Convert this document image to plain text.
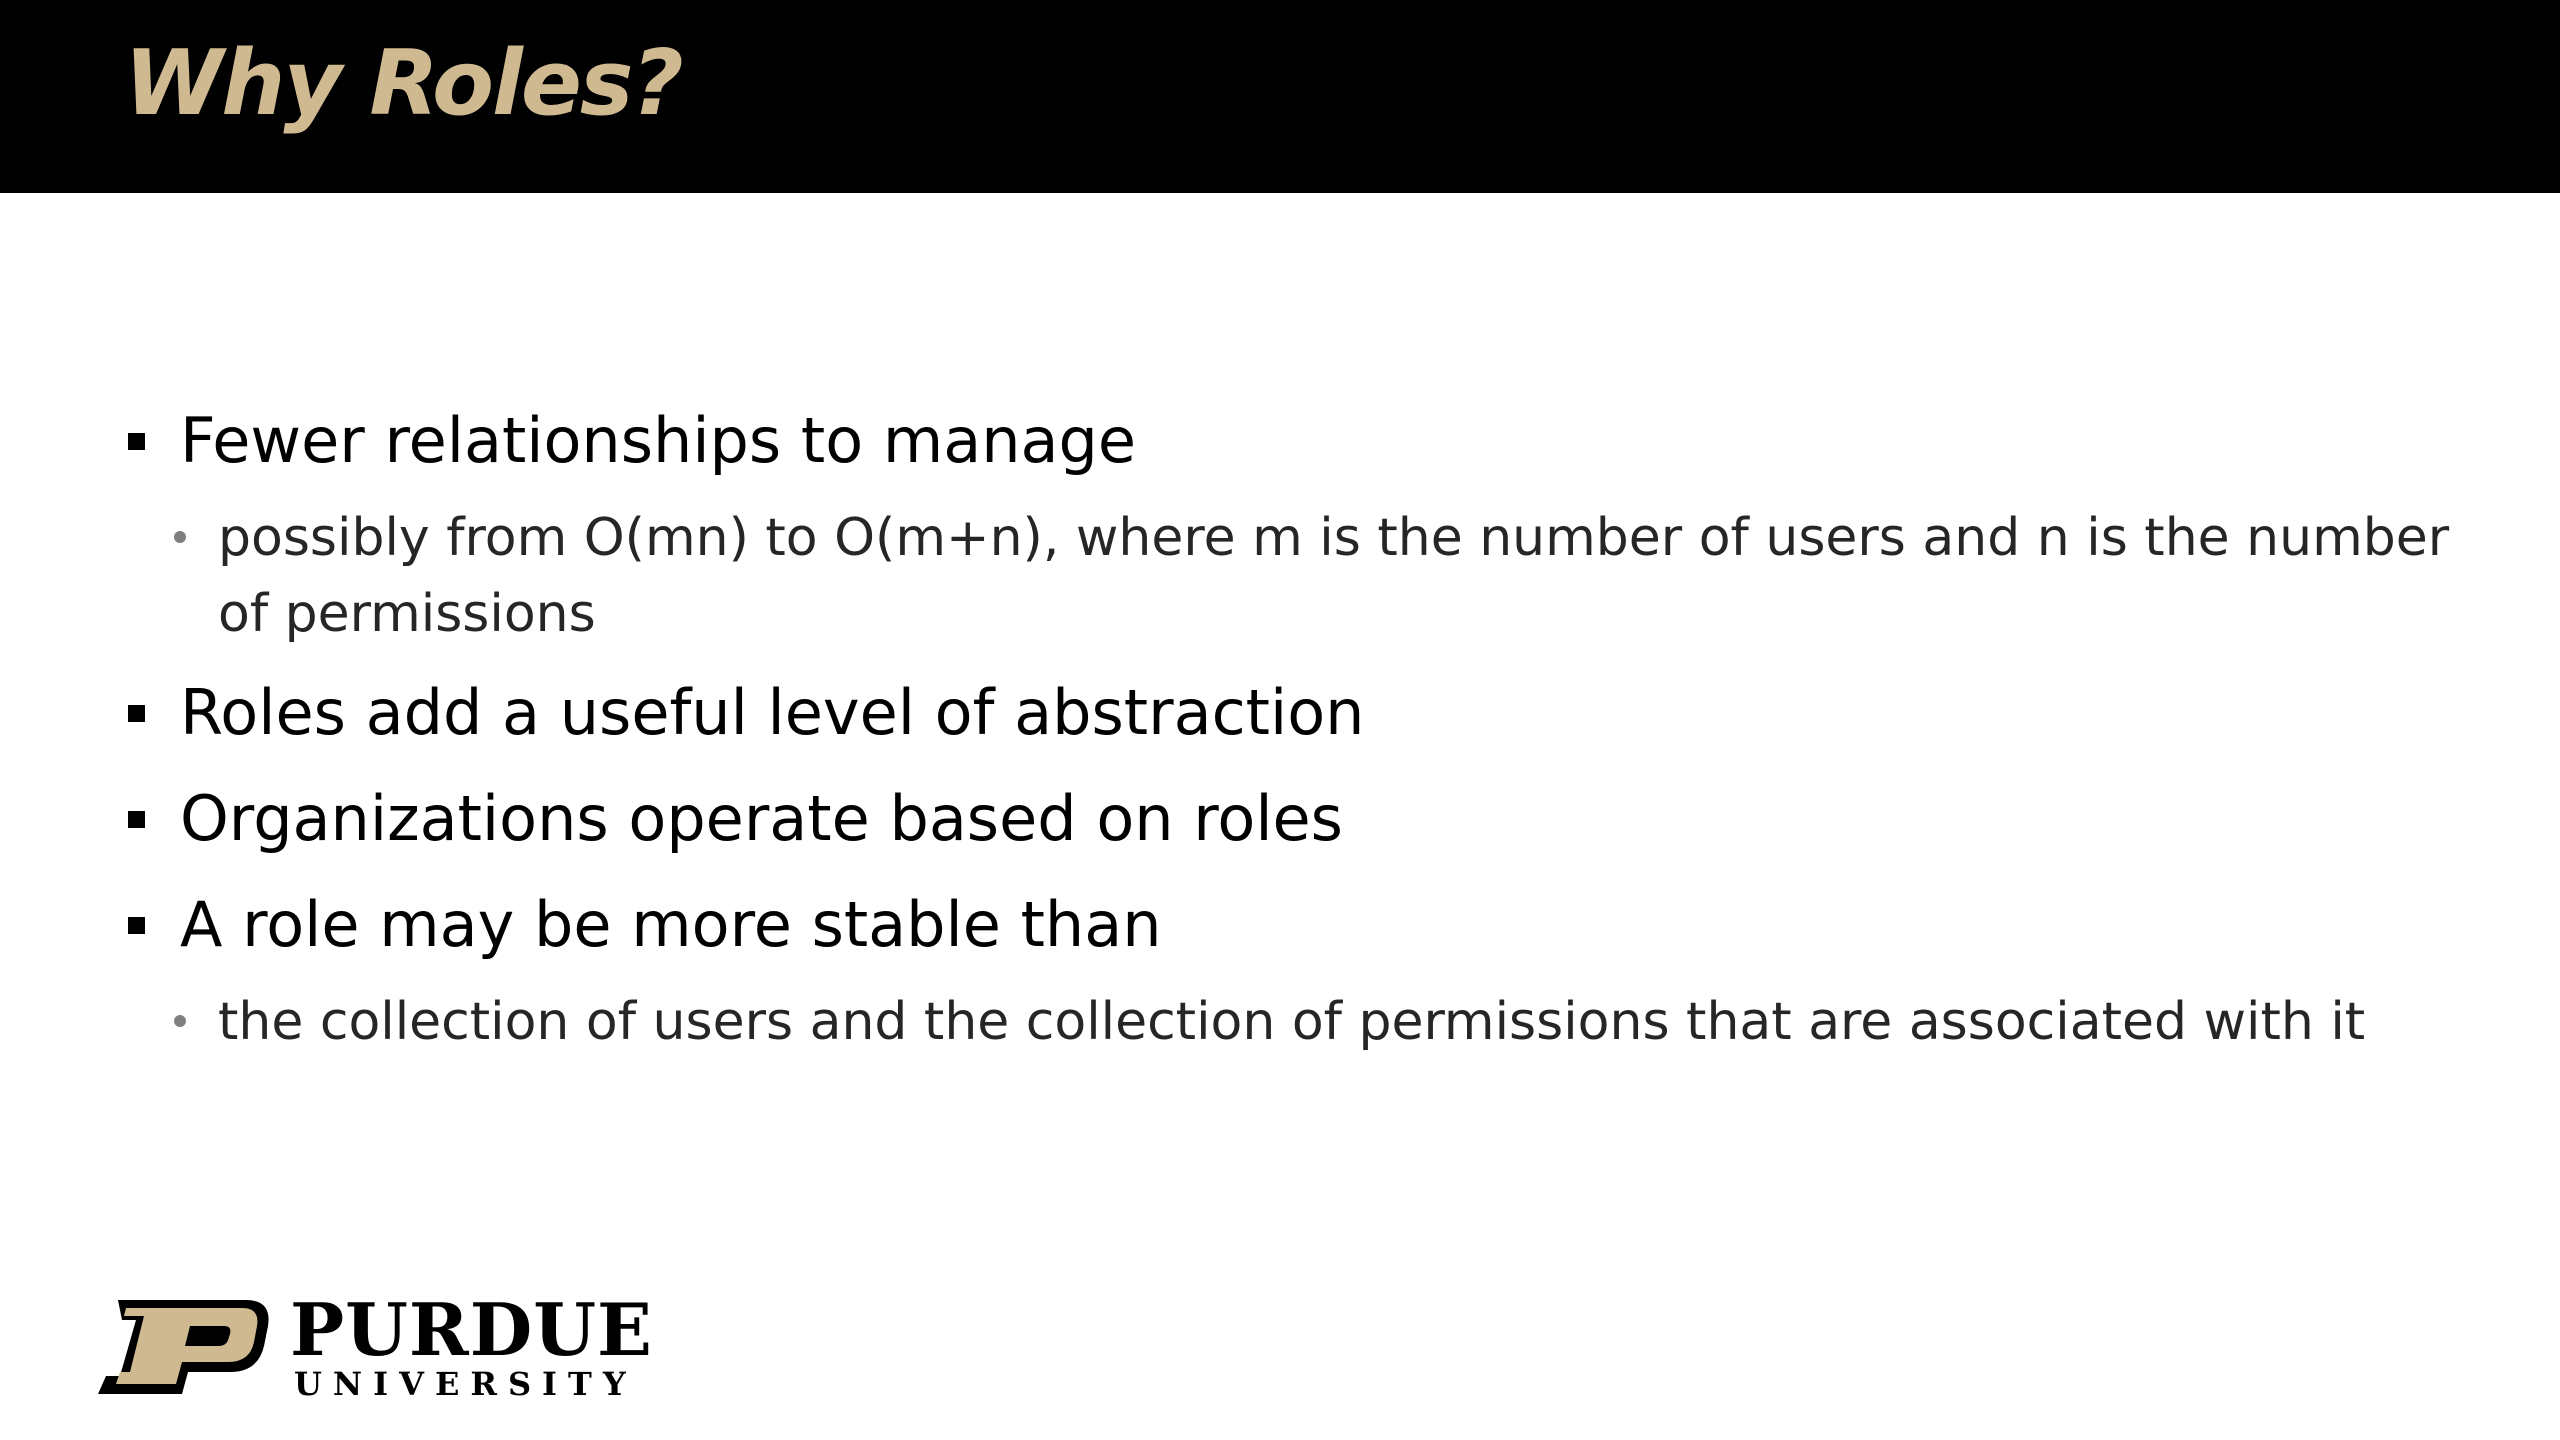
Why Roles?
Fewer relationships to manage
possibly from O(mn) to O(m+n), where m is the number of users and n is the number of permissions
Roles add a useful level of abstraction
Organizations operate based on roles
A role may be more stable than
the collection of users and the collection of permissions that are associated with it
PURDUE
UNIVERSITY
